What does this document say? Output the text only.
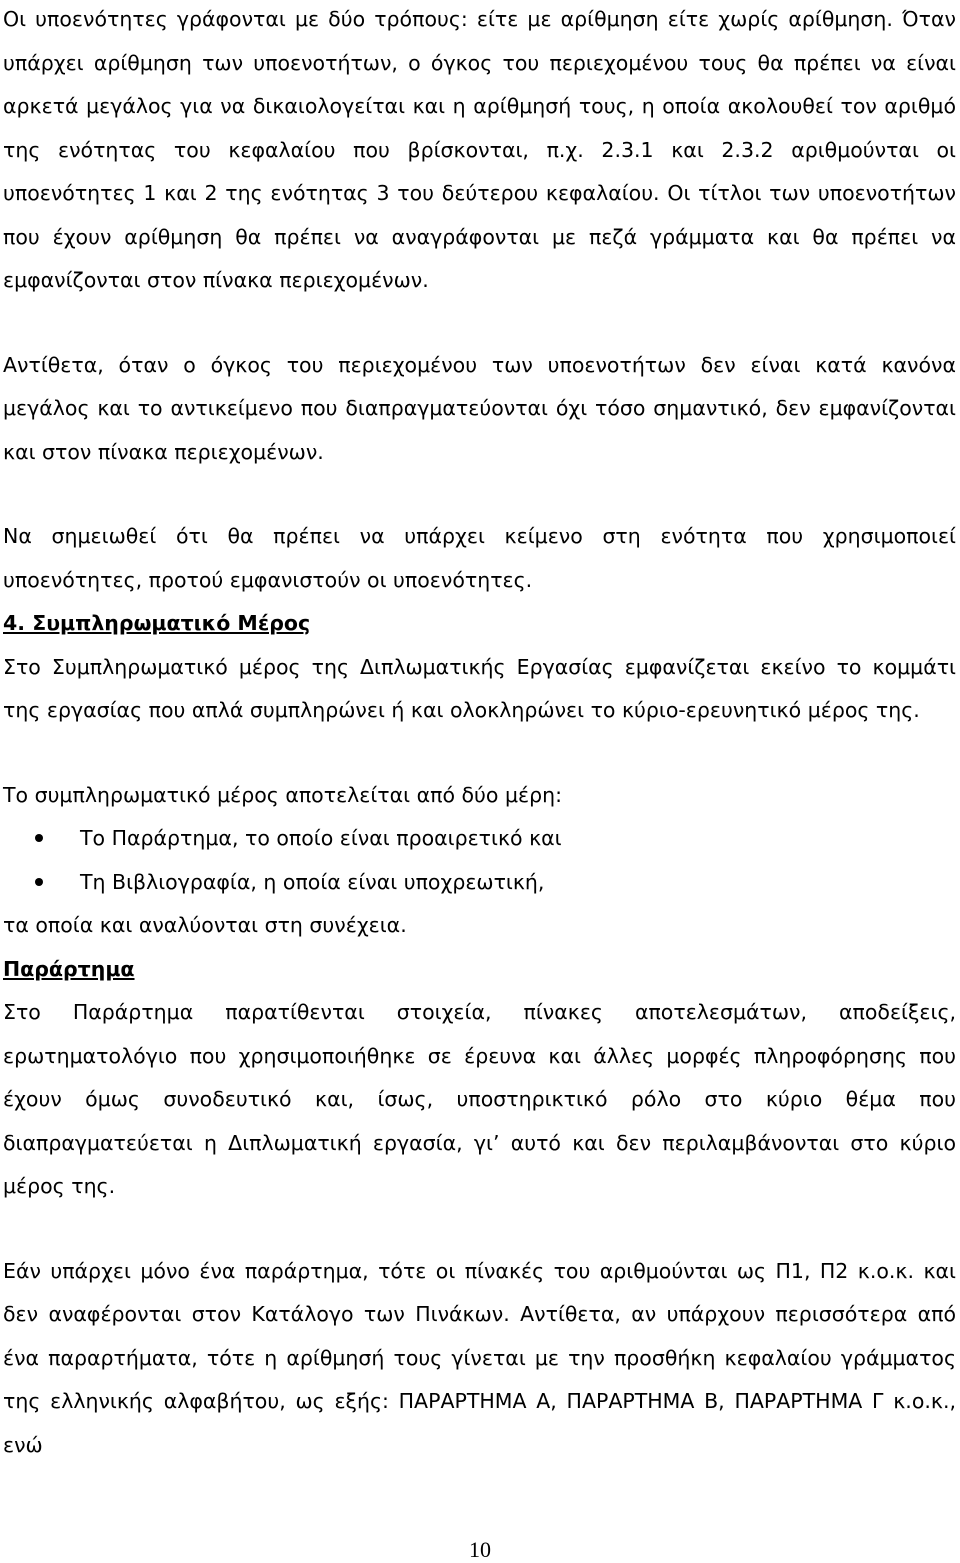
Οι υποενότητες γράφονται με δύο τρόπους: είτε με αρίθμηση είτε χωρίς αρίθμηση. Όταν υπάρχει αρίθμηση των υποενοτήτων, ο όγκος του περιεχομένου τους θα πρέπει να είναι αρκετά μεγάλος για να δικαιολογείται και η αρίθμησή τους, η οποία ακολουθεί τον αριθμό της ενότητας του κεφαλαίου που βρίσκονται, π.χ. 2.3.1 και 2.3.2 αριθμούνται οι υποενότητες 1 και 2 της ενότητας 3 του δεύτερου κεφαλαίου. Οι τίτλοι των υποενοτήτων που έχουν αρίθμηση θα πρέπει να αναγράφονται με πεζά γράμματα και θα πρέπει να εμφανίζονται στον πίνακα περιεχομένων.

Αντίθετα, όταν ο όγκος του περιεχομένου των υποενοτήτων δεν είναι κατά κανόνα μεγάλος και το αντικείμενο που διαπραγματεύονται όχι τόσο σημαντικό, δεν εμφανίζονται και στον πίνακα περιεχομένων.

Να σημειωθεί ότι θα πρέπει να υπάρχει κείμενο στη ενότητα που χρησιμοποιεί υποενότητες, προτού εμφανιστούν οι υποενότητες.

4. Συμπληρωματικό Μέρος

Στο Συμπληρωματικό μέρος της Διπλωματικής Εργασίας εμφανίζεται εκείνο το κομμάτι της εργασίας που απλά συμπληρώνει ή και ολοκληρώνει το κύριο-ερευνητικό μέρος της.

Το συμπληρωματικό μέρος αποτελείται από δύο μέρη:

Το Παράρτημα, το οποίο είναι προαιρετικό και
Τη Βιβλιογραφία, η οποία είναι υποχρεωτική,

τα οποία και αναλύονται στη συνέχεια.

Παράρτημα

Στο Παράρτημα παρατίθενται στοιχεία, πίνακες αποτελεσμάτων, αποδείξεις, ερωτηματολόγιο που χρησιμοποιήθηκε σε έρευνα και άλλες μορφές πληροφόρησης που έχουν όμως συνοδευτικό και, ίσως, υποστηρικτικό ρόλο στο κύριο θέμα που διαπραγματεύεται η Διπλωματική εργασία, γι’ αυτό και δεν περιλαμβάνονται στο κύριο μέρος της.

Εάν υπάρχει μόνο ένα παράρτημα, τότε οι πίνακές του αριθμούνται ως Π1, Π2 κ.ο.κ. και δεν αναφέρονται στον Κατάλογο των Πινάκων. Αντίθετα, αν υπάρχουν περισσότερα από ένα παραρτήματα, τότε η αρίθμησή τους γίνεται με την προσθήκη κεφαλαίου γράμματος της ελληνικής αλφαβήτου, ως εξής: ΠΑΡΑΡΤΗΜΑ Α, ΠΑΡΑΡΤΗΜΑ Β, ΠΑΡΑΡΤΗΜΑ Γ κ.ο.κ., ενώ

10
